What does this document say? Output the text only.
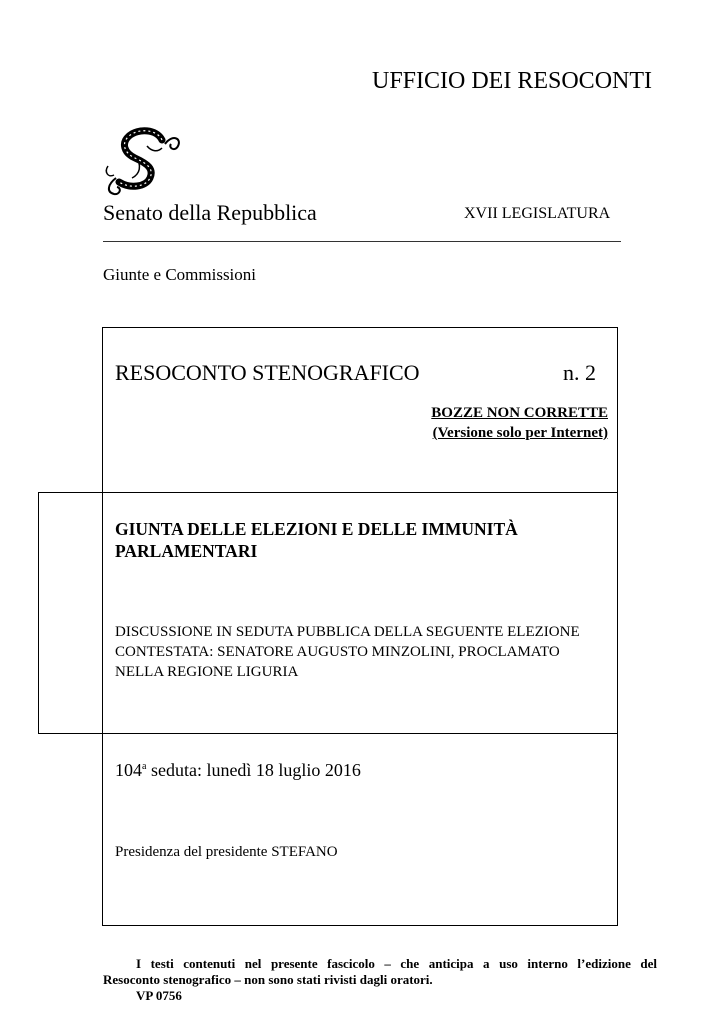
UFFICIO DEI RESOCONTI
Senato della Repubblica	XVII LEGISLATURA
Giunte e Commissioni
RESOCONTO STENOGRAFICO	n. 2
BOZZE NON CORRETTE
(Versione solo per Internet)
GIUNTA DELLE ELEZIONI E DELLE IMMUNITÀ PARLAMENTARI
DISCUSSIONE IN SEDUTA PUBBLICA DELLA SEGUENTE ELEZIONE CONTESTATA: SENATORE AUGUSTO MINZOLINI, PROCLAMATO NELLA REGIONE LIGURIA
104$^a$ seduta: lunedì 18 luglio 2016
Presidenza del presidente STEFANO
I testi contenuti nel presente fascicolo – che anticipa a uso interno l’edizione del
Resoconto stenografico – non sono stati rivisti dagli oratori.
VP 0756
